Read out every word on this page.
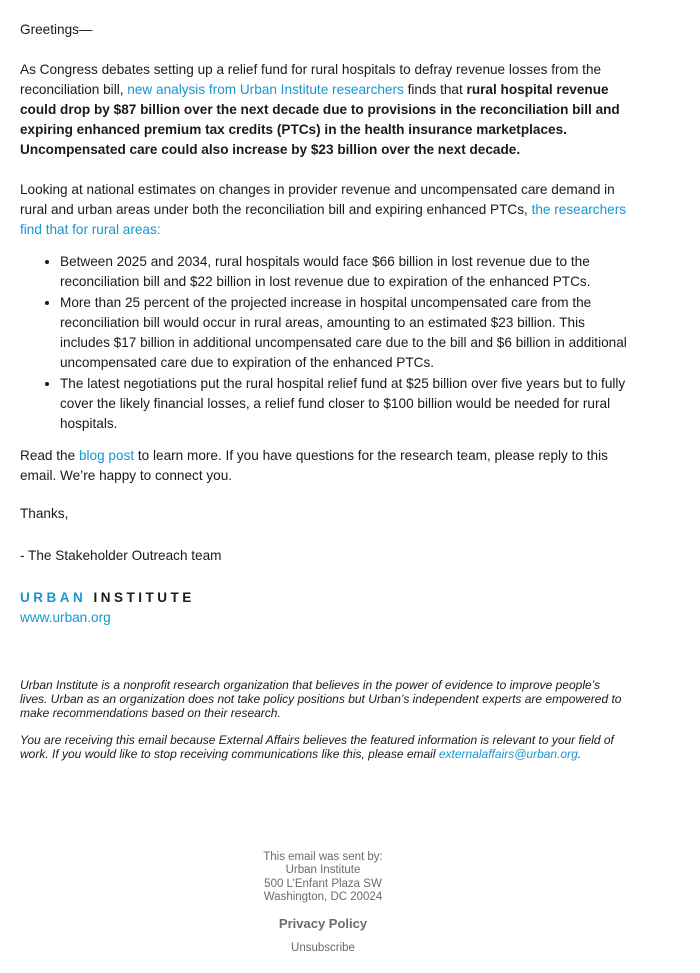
Greetings—

As Congress debates setting up a relief fund for rural hospitals to defray revenue losses from the reconciliation bill, new analysis from Urban Institute researchers finds that rural hospital revenue could drop by $87 billion over the next decade due to provisions in the reconciliation bill and expiring enhanced premium tax credits (PTCs) in the health insurance marketplaces. Uncompensated care could also increase by $23 billion over the next decade.

Looking at national estimates on changes in provider revenue and uncompensated care demand in rural and urban areas under both the reconciliation bill and expiring enhanced PTCs, the researchers find that for rural areas:

• Between 2025 and 2034, rural hospitals would face $66 billion in lost revenue due to the reconciliation bill and $22 billion in lost revenue due to expiration of the enhanced PTCs.
• More than 25 percent of the projected increase in hospital uncompensated care from the reconciliation bill would occur in rural areas, amounting to an estimated $23 billion. This includes $17 billion in additional uncompensated care due to the bill and $6 billion in additional uncompensated care due to expiration of the enhanced PTCs.
• The latest negotiations put the rural hospital relief fund at $25 billion over five years but to fully cover the likely financial losses, a relief fund closer to $100 billion would be needed for rural hospitals.

Read the blog post to learn more. If you have questions for the research team, please reply to this email. We’re happy to connect you.

Thanks,

- The Stakeholder Outreach team

URBAN INSTITUTE
www.urban.org

Urban Institute is a nonprofit research organization that believes in the power of evidence to improve people’s lives. Urban as an organization does not take policy positions but Urban’s independent experts are empowered to make recommendations based on their research.

You are receiving this email because External Affairs believes the featured information is relevant to your field of work. If you would like to stop receiving communications like this, please email externalaffairs@urban.org.

This email was sent by:
Urban Institute
500 L’Enfant Plaza SW
Washington, DC 20024
Privacy Policy
Unsubscribe
